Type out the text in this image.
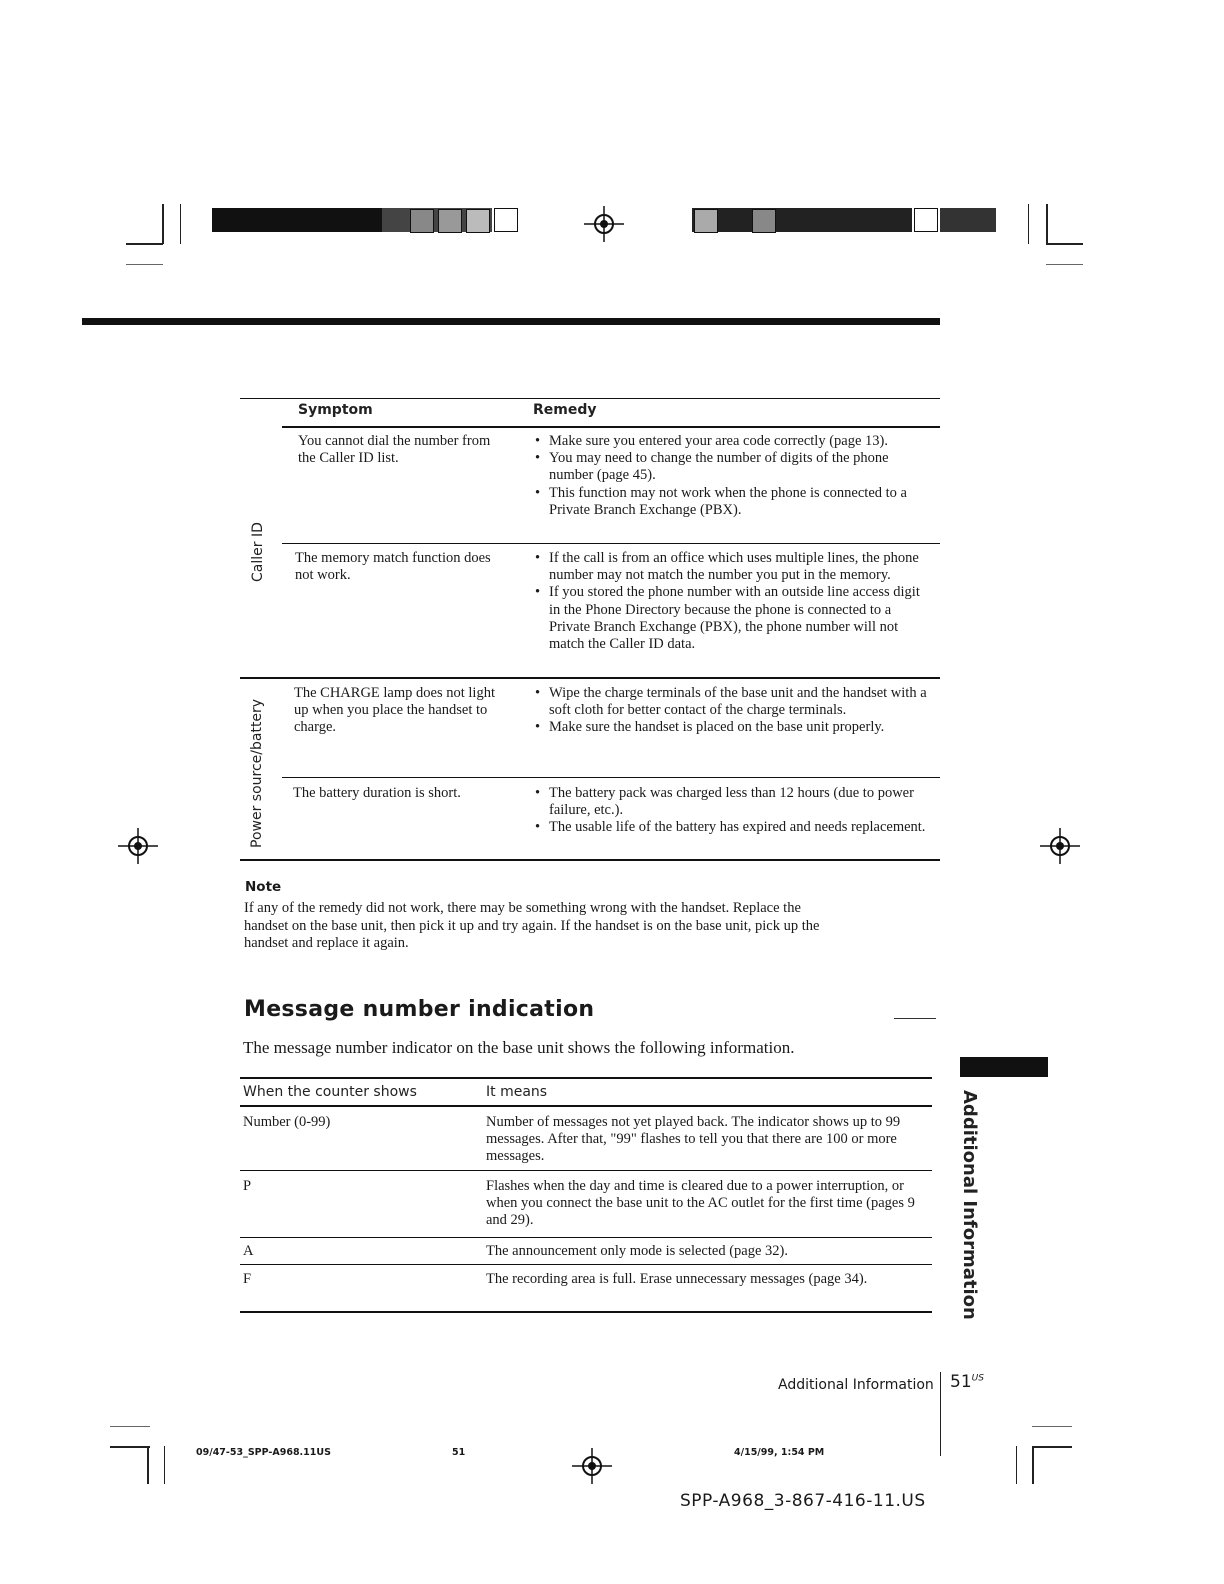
Symptom	Remedy
Caller ID
You cannot dial the number from the Caller ID list.
• Make sure you entered your area code correctly (page 13).
• You may need to change the number of digits of the phone number (page 45).
• This function may not work when the phone is connected to a Private Branch Exchange (PBX).
The memory match function does not work.
• If the call is from an office which uses multiple lines, the phone number may not match the number you put in the memory.
• If you stored the phone number with an outside line access digit in the Phone Directory because the phone is connected to a Private Branch Exchange (PBX), the phone number will not match the Caller ID data.
Power source/battery
The CHARGE lamp does not light up when you place the handset to charge.
• Wipe the charge terminals of the base unit and the handset with a soft cloth for better contact of the charge terminals.
• Make sure the handset is placed on the base unit properly.
The battery duration is short.
•	The battery pack was charged less than 12 hours (due to power failure, etc.).
• The usable life of the battery has expired and needs replacement.
Note
If any of the remedy did not work, there may be something wrong with the handset. Replace the handset on the base unit, then pick it up and try again. If the handset is on the base unit, pick up the handset and replace it again.
Message number indication
The message number indicator on the base unit shows the following information.
When the counter shows	It means
Number (0-99)	Number of messages not yet played back. The indicator shows up to 99 messages. After that, "99" flashes to tell you that there are 100 or more messages.
P	Flashes when the day and time is cleared due to a power interruption, or when you connect the base unit to the AC outlet for the first time (pages 9 and 29).
A	The announcement only mode is selected (page 32).
F	The recording area is full. Erase unnecessary messages (page 34).	Additional Information
Additional Information $51^{US}$
09/47-53_SPP-A968.11US	51	4/15/99, 1:54 PM
SPP-A968_3-867-416-11.US
